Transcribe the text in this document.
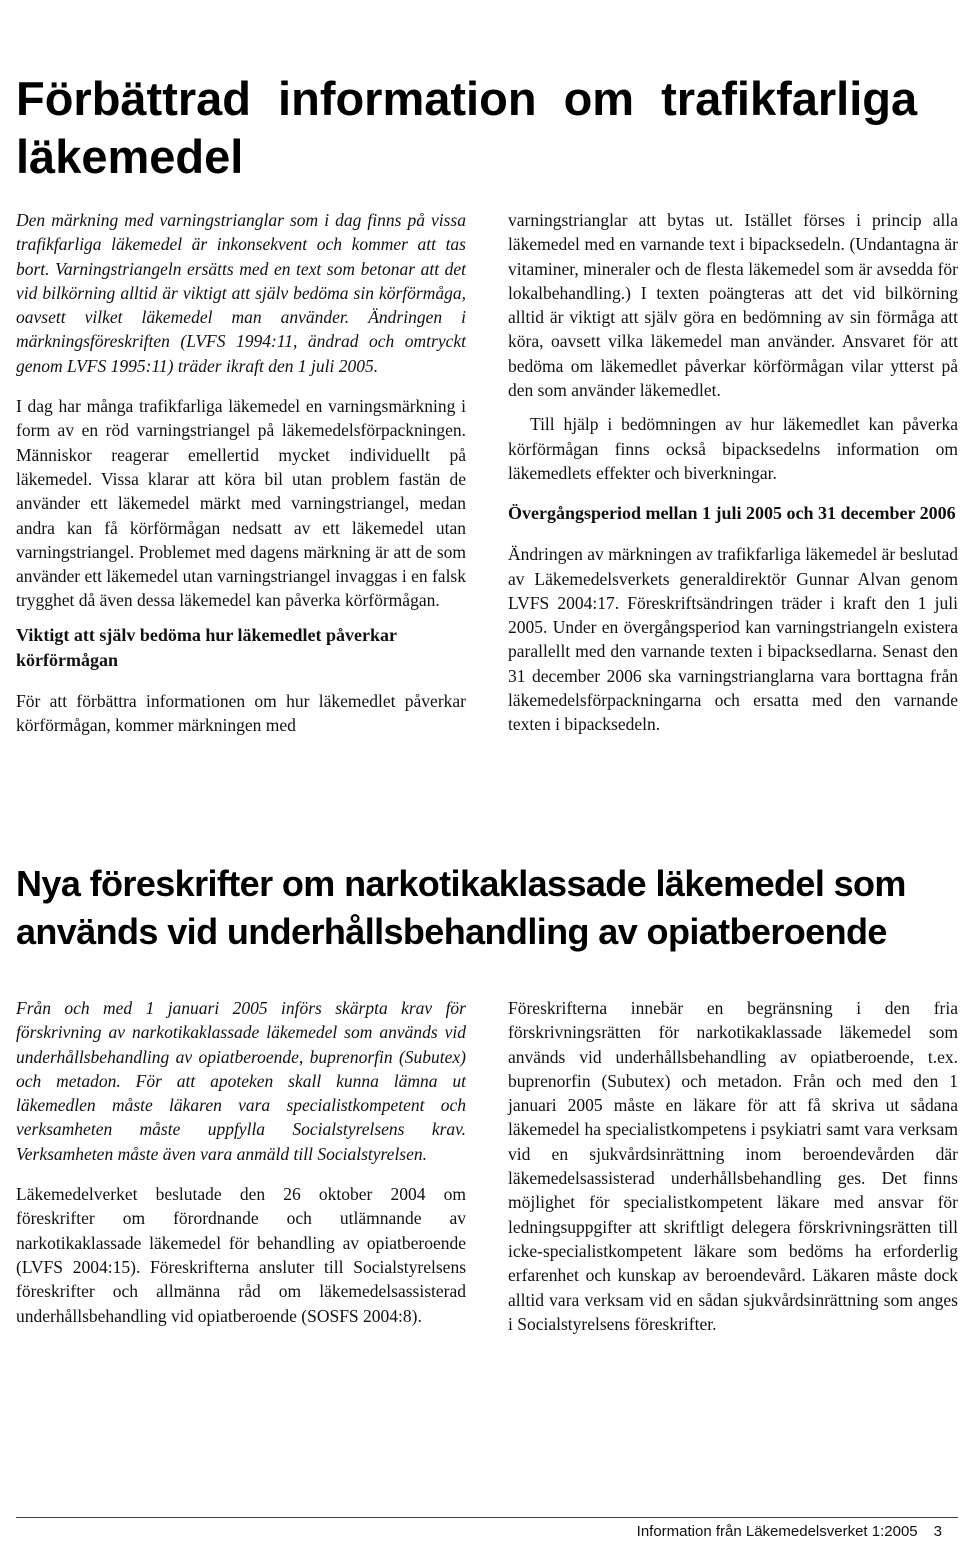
Förbättrad information om trafikfarliga läkemedel

Den märkning med varningstrianglar som i dag finns på vissa trafikfarliga läkemedel är inkonsekvent och kommer att tas bort. Varningstriangeln ersätts med en text som betonar att det vid bilkörning alltid är viktigt att själv bedöma sin körförmåga, oavsett vilket läkemedel man använder. Ändringen i märkningsföreskriften (LVFS 1994:11, ändrad och omtryckt genom LVFS 1995:11) träder ikraft den 1 juli 2005.

I dag har många trafikfarliga läkemedel en varningsmärkning i form av en röd varningstriangel på läkemedelsförpackningen. Människor reagerar emellertid mycket individuellt på läkemedel. Vissa klarar att köra bil utan problem fastän de använder ett läkemedel märkt med varningstriangel, medan andra kan få körförmågan nedsatt av ett läkemedel utan varningstriangel. Problemet med dagens märkning är att de som använder ett läkemedel utan varningstriangel invaggas i en falsk trygghet då även dessa läkemedel kan påverka körförmågan.

Viktigt att själv bedöma hur läkemedlet påverkar körförmågan

För att förbättra informationen om hur läkemedlet påverkar körförmågan, kommer märkningen med

varningstrianglar att bytas ut. Istället förses i princip alla läkemedel med en varnande text i bipacksedeln. (Undantagna är vitaminer, mineraler och de flesta läkemedel som är avsedda för lokalbehandling.) I texten poängteras att det vid bilkörning alltid är viktigt att själv göra en bedömning av sin förmåga att köra, oavsett vilka läkemedel man använder. Ansvaret för att bedöma om läkemedlet påverkar körförmågan vilar ytterst på den som använder läkemedlet.

Till hjälp i bedömningen av hur läkemedlet kan påverka körförmågan finns också bipacksedelns information om läkemedlets effekter och biverkningar.

Övergångsperiod mellan 1 juli 2005 och 31 december 2006

Ändringen av märkningen av trafikfarliga läkemedel är beslutad av Läkemedelsverkets generaldirektör Gunnar Alvan genom LVFS 2004:17. Föreskriftsändringen träder i kraft den 1 juli 2005. Under en övergångsperiod kan varningstriangeln existera parallellt med den varnande texten i bipacksedlarna. Senast den 31 december 2006 ska varningstrianglarna vara borttagna från läkemedelsförpackningarna och ersatta med den varnande texten i bipacksedeln.

Nya föreskrifter om narkotikaklassade läkemedel som används vid underhållsbehandling av opiatberoende

Från och med 1 januari 2005 införs skärpta krav för förskrivning av narkotikaklassade läkemedel som används vid underhållsbehandling av opiatberoende, buprenorfin (Subutex) och metadon. För att apoteken skall kunna lämna ut läkemedlen måste läkaren vara specialistkompetent och verksamheten måste uppfylla Socialstyrelsens krav. Verksamheten måste även vara anmäld till Socialstyrelsen.

Läkemedelverket beslutade den 26 oktober 2004 om föreskrifter om förordnande och utlämnande av narkotikaklassade läkemedel för behandling av opiatberoende (LVFS 2004:15). Föreskrifterna ansluter till Socialstyrelsens föreskrifter och allmänna råd om läkemedelsassisterad underhållsbehandling vid opiatberoende (SOSFS 2004:8).

Föreskrifterna innebär en begränsning i den fria förskrivningsrätten för narkotikaklassade läkemedel som används vid underhållsbehandling av opiatberoende, t.ex. buprenorfin (Subutex) och metadon. Från och med den 1 januari 2005 måste en läkare för att få skriva ut sådana läkemedel ha specialistkompetens i psykiatri samt vara verksam vid en sjukvårdsinrättning inom beroendevården där läkemedelsassisterad underhållsbehandling ges. Det finns möjlighet för specialistkompetent läkare med ansvar för ledningsuppgifter att skriftligt delegera förskrivningsrätten till icke-specialistkompetent läkare som bedöms ha erforderlig erfarenhet och kunskap av beroendevård. Läkaren måste dock alltid vara verksam vid en sådan sjukvårdsinrättning som anges i Socialstyrelsens föreskrifter.

Information från Läkemedelsverket 1:2005 3
